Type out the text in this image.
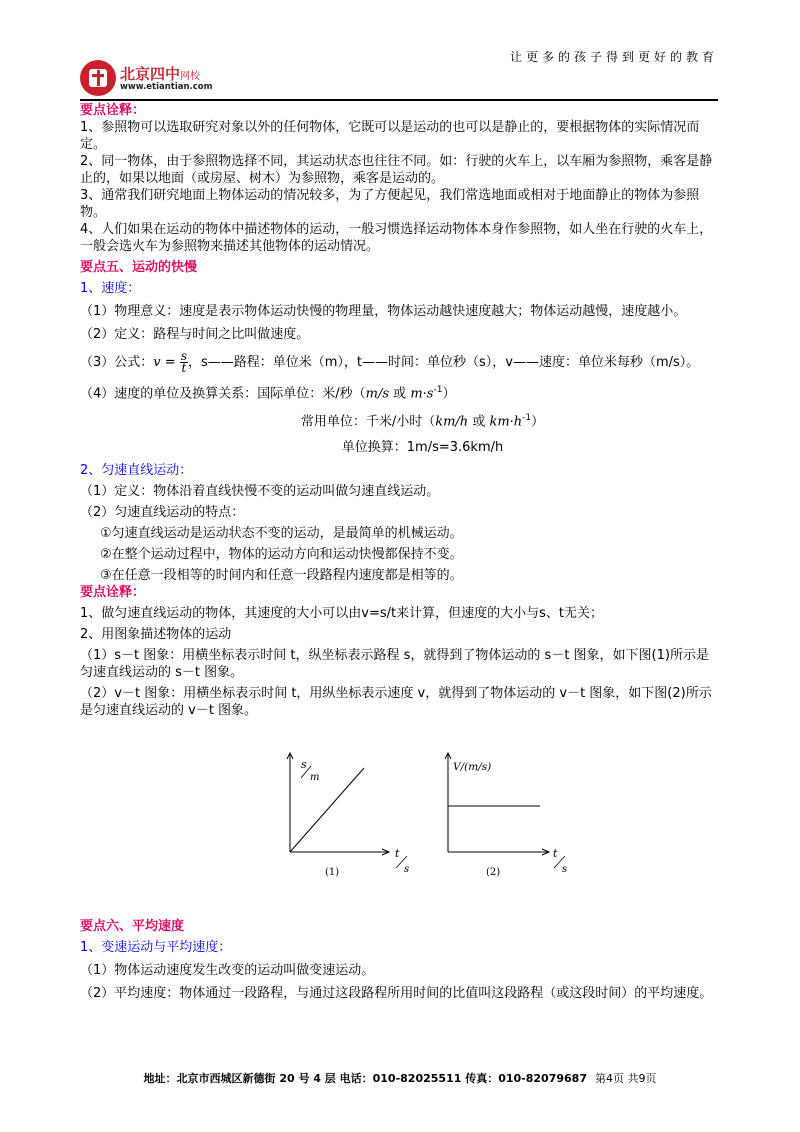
让更多的孩子得到更好的教育
北京四中网校
www.etiantian.com

要点诠释：

1、参照物可以选取研究对象以外的任何物体，它既可以是运动的也可以是静止的，要根据物体的实际情况而定。

2、同一物体，由于参照物选择不同，其运动状态也往往不同。如：行驶的火车上，以车厢为参照物，乘客是静止的，如果以地面（或房屋、树木）为参照物，乘客是运动的。

3、通常我们研究地面上物体运动的情况较多，为了方便起见，我们常选地面或相对于地面静止的物体为参照物。

4、人们如果在运动的物体中描述物体的运动，一般习惯选择运动物体本身作参照物，如人坐在行驶的火车上，一般会选火车为参照物来描述其他物体的运动情况。

要点五、运动的快慢

1、速度：

（1）物理意义：速度是表示物体运动快慢的物理量，物体运动越快速度越大；物体运动越慢，速度越小。

（2）定义：路程与时间之比叫做速度。

（3）公式：$v = \frac{s}{t}$ ，s——路程：单位米（m），t——时间：单位秒（s），v——速度：单位米每秒（m/s）。

（4）速度的单位及换算关系：国际单位：米/秒（m/s 或 $m\cdot s^{-1}$）

常用单位：千米/小时（km/h 或 $km\cdot h^{-1}$）

单位换算：1m/s=3.6km/h

2、匀速直线运动：

（1）定义：物体沿着直线快慢不变的运动叫做匀速直线运动。

（2）匀速直线运动的特点：

①匀速直线运动是运动状态不变的运动，是最简单的机械运动。

②在整个运动过程中，物体的运动方向和运动快慢都保持不变。

③在任意一段相等的时间内和任意一段路程内速度都是相等的。

要点诠释：

1、做匀速直线运动的物体，其速度的大小可以由v=s/t来计算，但速度的大小与s、t无关；

2、用图象描述物体的运动

（1）s－t 图象：用横坐标表示时间 t，纵坐标表示路程 s，就得到了物体运动的 s－t 图象，如下图(1)所示是匀速直线运动的 s－t 图象。

（2）v－t 图象：用横坐标表示时间 t，用纵坐标表示速度 v，就得到了物体运动的 v－t 图象，如下图(2)所示是匀速直线运动的 v－t 图象。

s
m
t
s
(1)
V/(m/s)
t
s
(2)

要点六、平均速度

1、变速运动与平均速度：

（1）物体运动速度发生改变的运动叫做变速运动。

（2）平均速度：物体通过一段路程，与通过这段路程所用时间的比值叫这段路程（或这段时间）的平均速度。

地址：北京市西城区新德街 20 号 4 层 电话：010-82025511 传真：010-82079687 第4页 共9页
